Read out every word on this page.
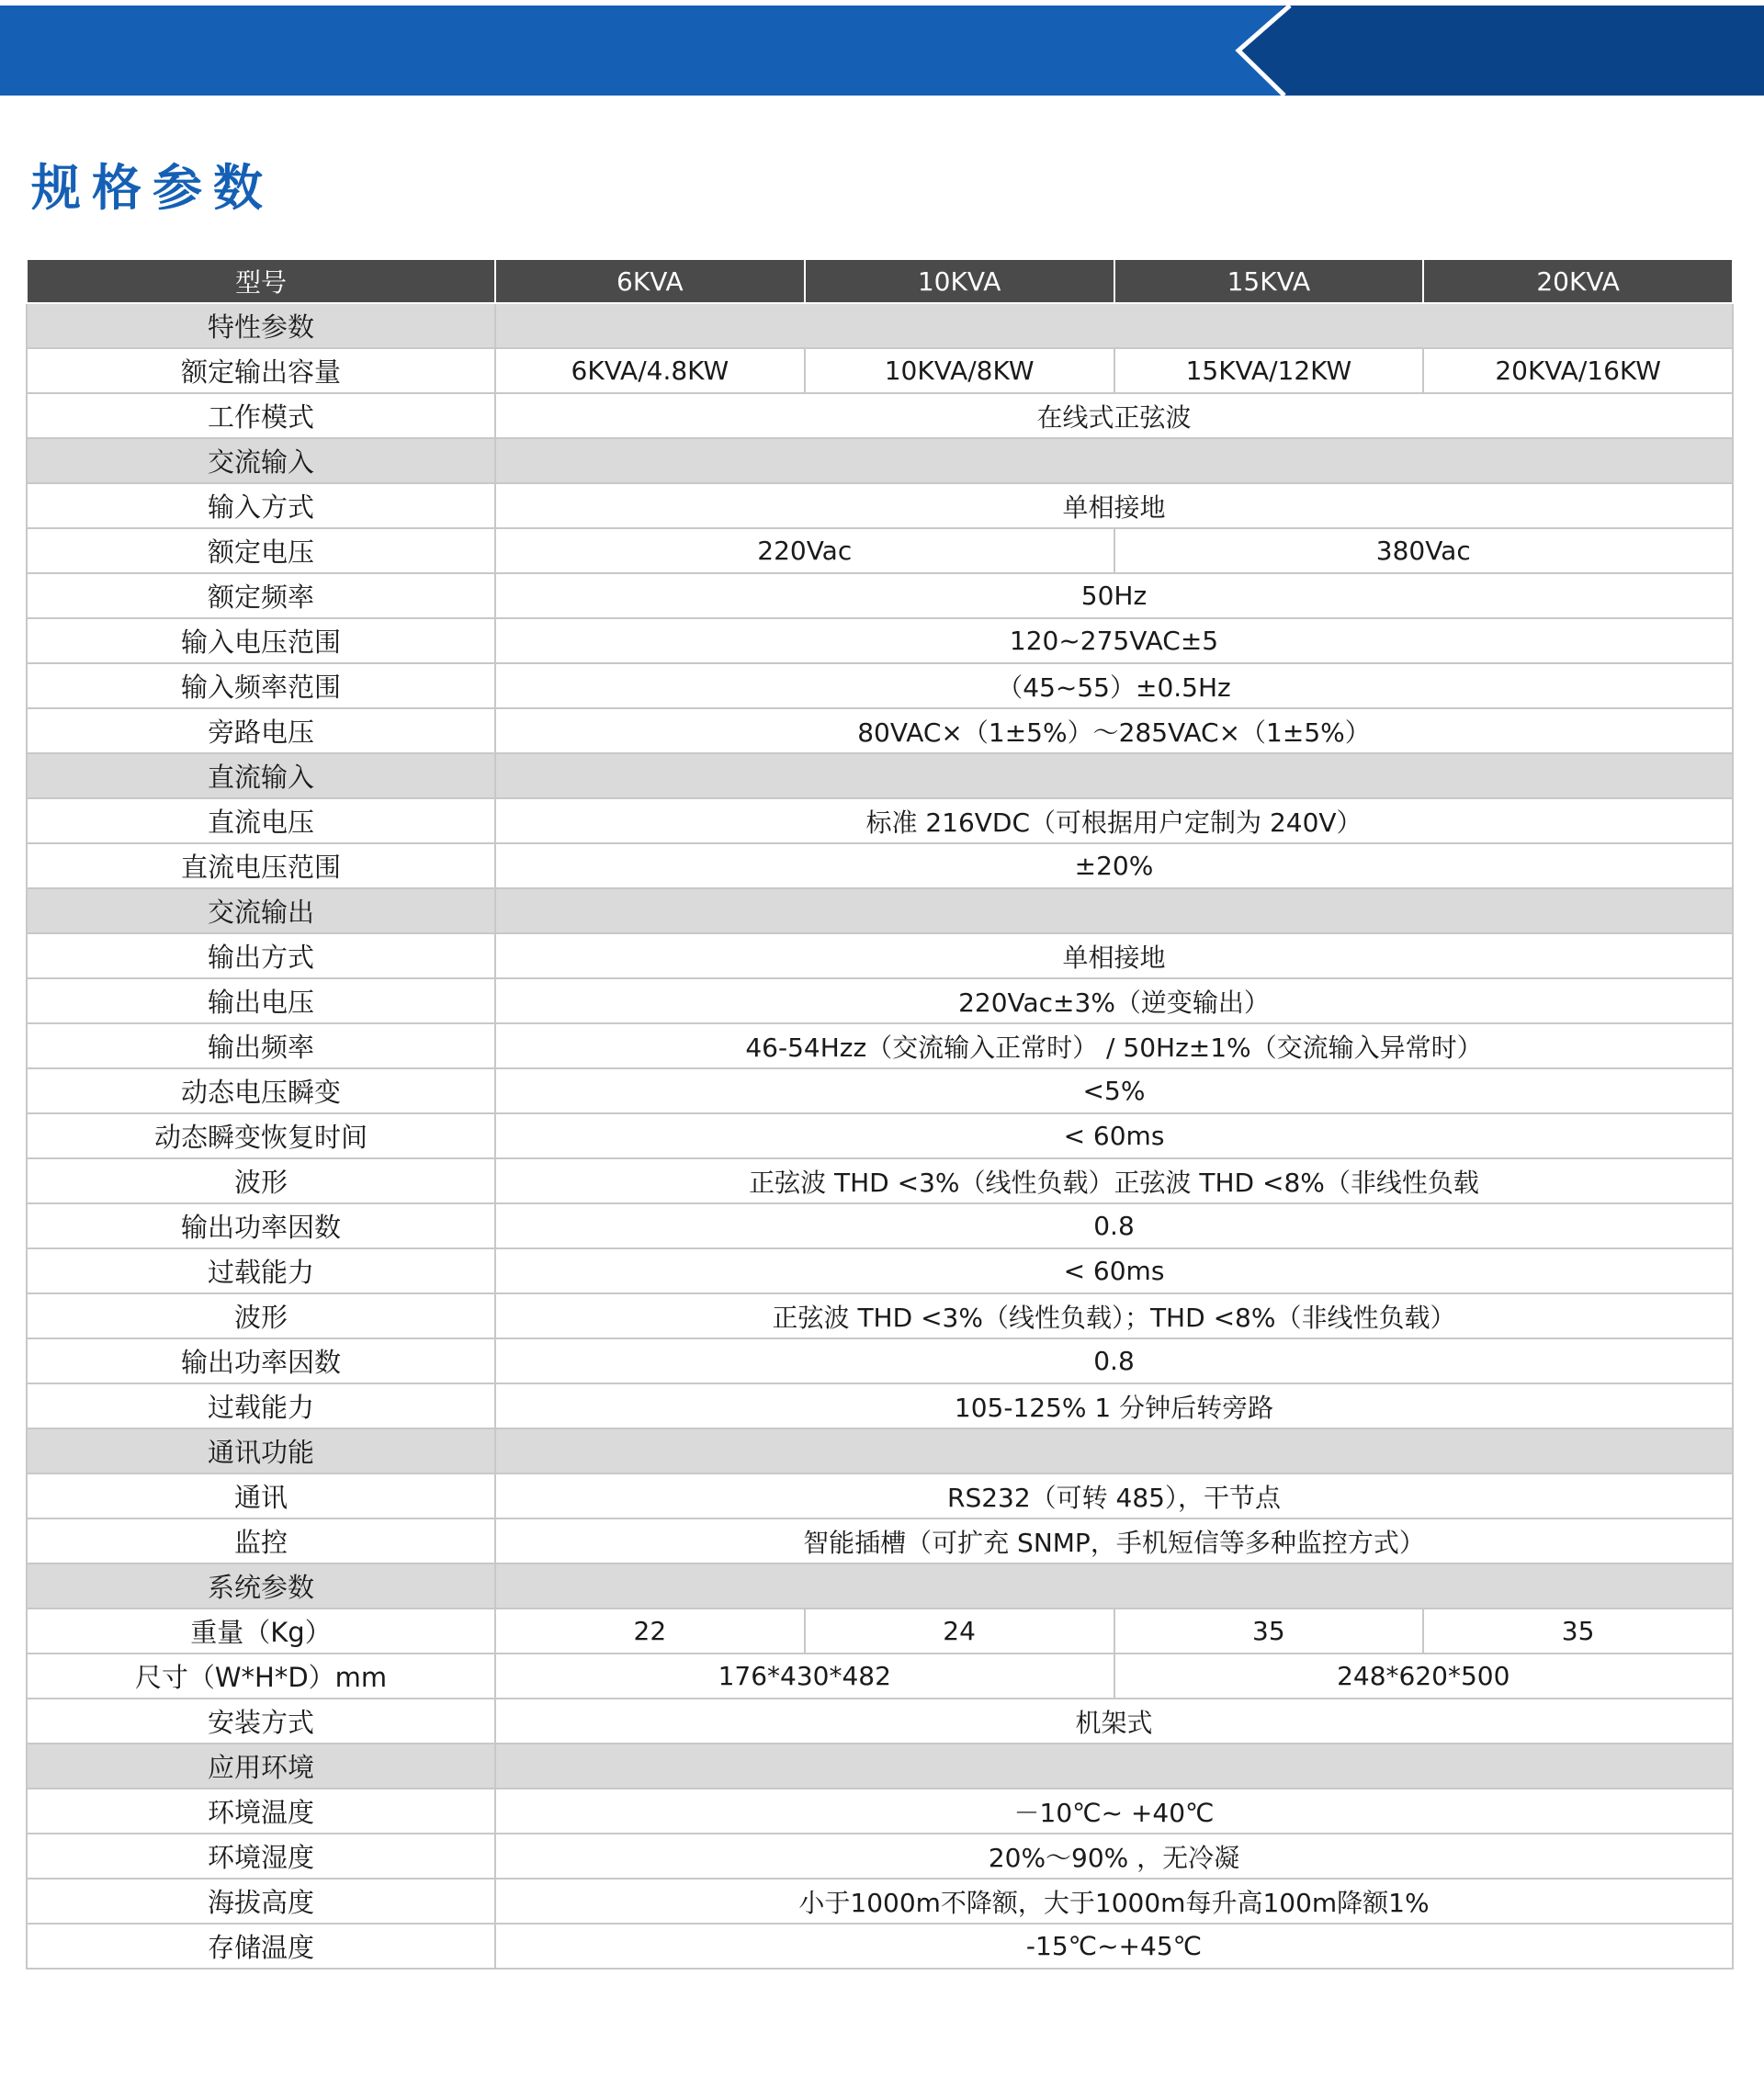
规格参数
型号	6KVA	10KVA	15KVA	20KVA
特性参数				
额定输出容量	6KVA/4.8KW	10KVA/8KW	15KVA/12KW	20KVA/16KW
工作模式	在线式正弦波			
交流输入				
输入方式	单相接地			
额定电压	220Vac		380Vac	
额定频率	50Hz			
输入电压范围	120~275VAC±5			
输入频率范围	（45~55）±0.5Hz			
旁路电压	80VAC×（1±5%）～285VAC×（1±5%）			
直流输入				
直流电压	标准 216VDC（可根据用户定制为 240V）			
直流电压范围	±20%			
交流输出				
输出方式	单相接地			
输出电压	220Vac±3%（逆变输出）			
输出频率	46-54Hzz（交流输入正常时） / 50Hz±1%（交流输入异常时）			
动态电压瞬变	<5%			
动态瞬变恢复时间	< 60ms			
波形	正弦波 THD <3%（线性负载）正弦波 THD <8%（非线性负载			
输出功率因数	0.8			
过载能力	< 60ms			
波形	正弦波 THD <3%（线性负载）；THD <8%（非线性负载）			
输出功率因数	0.8			
过载能力	105-125% 1 分钟后转旁路			
通讯功能				
通讯	RS232（可转 485），干节点			
监控	智能插槽（可扩充 SNMP，手机短信等多种监控方式）			
系统参数				
重量（Kg）	22	24	35	35
尺寸（W*H*D）mm	176*430*482		248*620*500	
安装方式	机架式			
应用环境				
环境温度	－10℃~ +40℃			
环境湿度	20%～90% ，无冷凝			
海拔高度	小于1000m不降额，大于1000m每升高100m降额1%			
存储温度	-15℃~+45℃			
